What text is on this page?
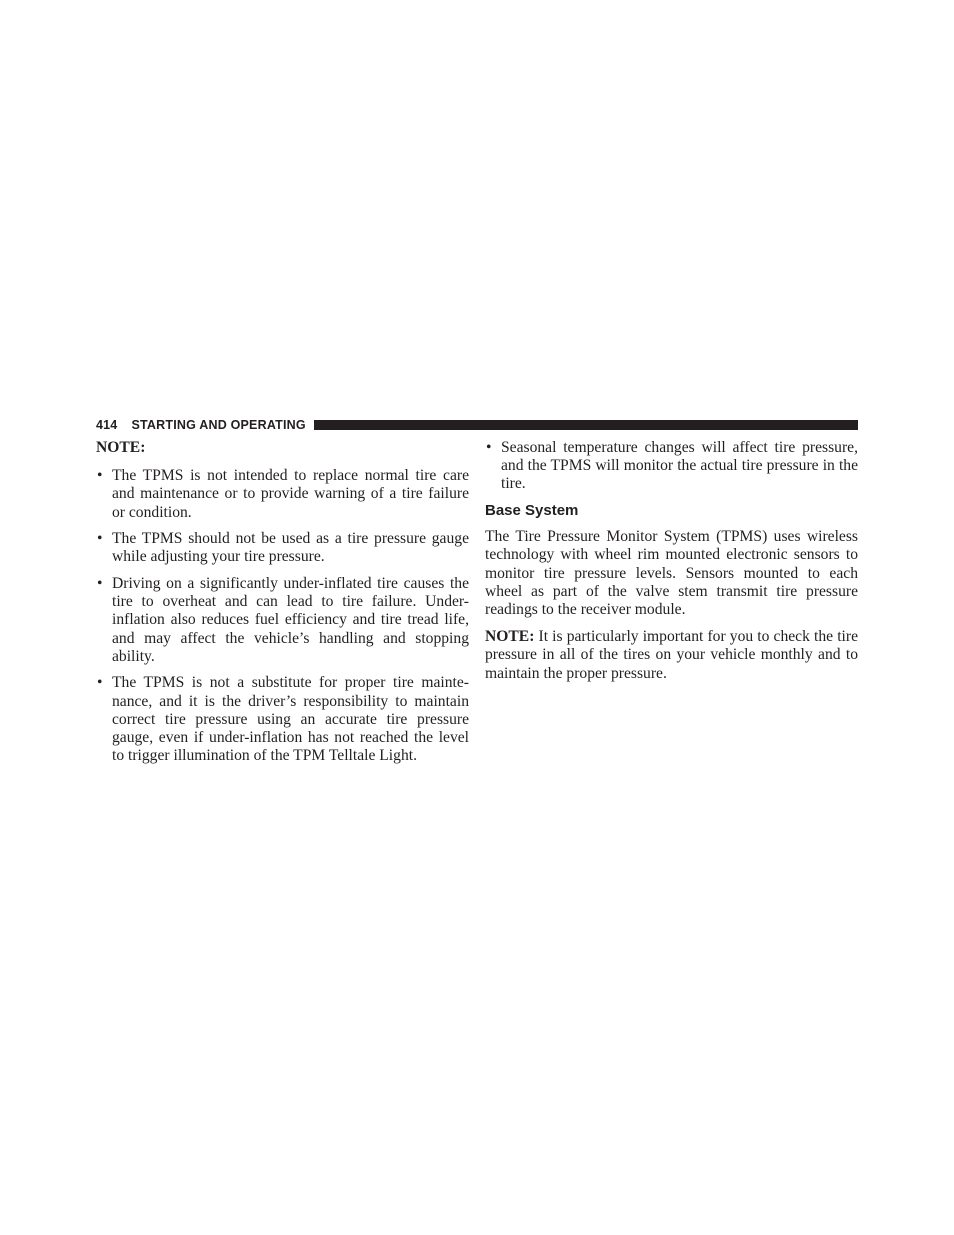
414 STARTING AND OPERATING
NOTE:
• The TPMS is not intended to replace normal tire care and maintenance or to provide warning of a tire failure or condition.
• The TPMS should not be used as a tire pressure gauge while adjusting your tire pressure.
• Driving on a significantly under-inflated tire causes the tire to overheat and can lead to tire failure. Under-inflation also reduces fuel efficiency and tire tread life, and may affect the vehicle’s handling and stopping ability.
• The TPMS is not a substitute for proper tire mainte-nance, and it is the driver’s responsibility to maintain correct tire pressure using an accurate tire pressure gauge, even if under-inflation has not reached the level to trigger illumination of the TPM Telltale Light.
• Seasonal temperature changes will affect tire pressure, and the TPMS will monitor the actual tire pressure in the tire.
Base System

The Tire Pressure Monitor System (TPMS) uses wireless technology with wheel rim mounted electronic sensors to monitor tire pressure levels. Sensors mounted to each wheel as part of the valve stem transmit tire pressure readings to the receiver module.

NOTE: It is particularly important for you to check the tire pressure in all of the tires on your vehicle monthly and to maintain the proper pressure.
